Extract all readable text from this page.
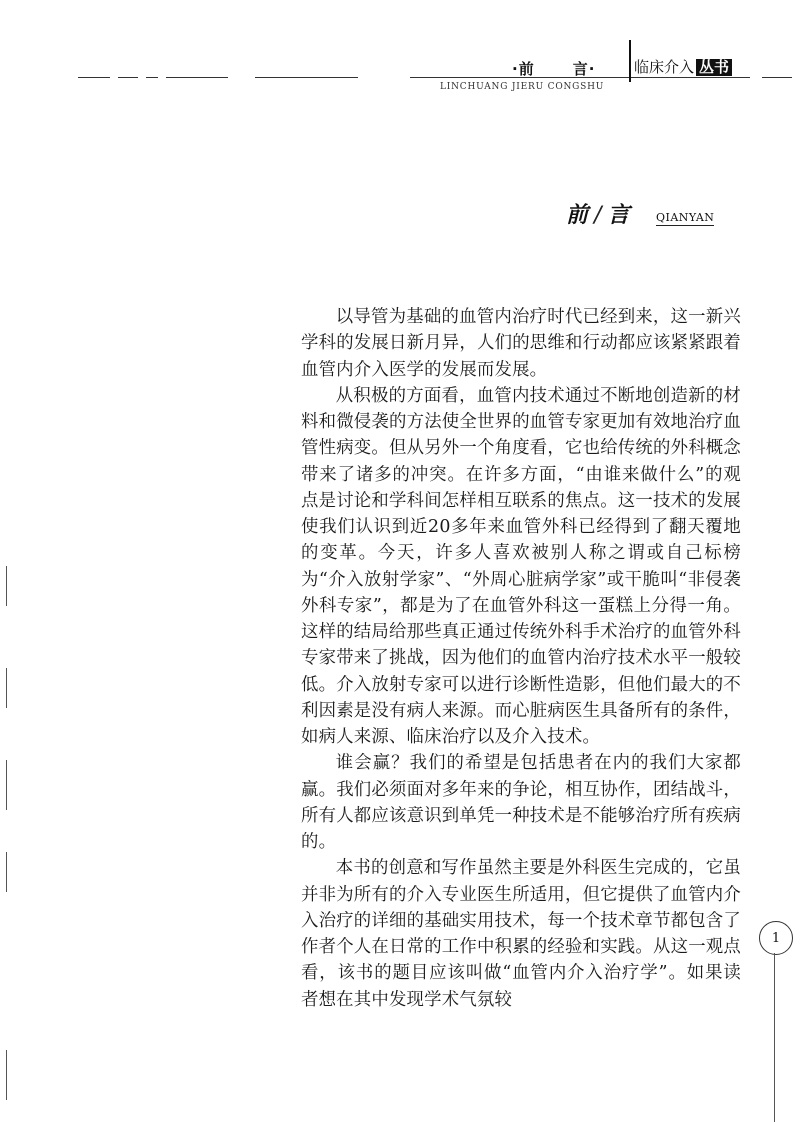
·前	言·	临床介入 丛书
LINCHUANG JIERU CONGSHU
前 / 言 QIANYAN

以导管为基础的血管内治疗时代已经到来，这一新兴学科的发展日新月异，人们的思维和行动都应该紧紧跟着血管内介入医学的发展而发展。

从积极的方面看，血管内技术通过不断地创造新的材料和微侵袭的方法使全世界的血管专家更加有效地治疗血管性病变。但从另外一个角度看，它也给传统的外科概念带来了诸多的冲突。在许多方面，“由谁来做什么”的观点是讨论和学科间怎样相互联系的焦点。这一技术的发展使我们认识到近20多年来血管外科已经得到了翻天覆地的变革。今天，许多人喜欢被别人称之谓或自己标榜为“介入放射学家”、“外周心脏病学家”或干脆叫“非侵袭外科专家”，都是为了在血管外科这一蛋糕上分得一角。这样的结局给那些真正通过传统外科手术治疗的血管外科专家带来了挑战，因为他们的血管内治疗技术水平一般较低。介入放射专家可以进行诊断性造影，但他们最大的不利因素是没有病人来源。而心脏病医生具备所有的条件，如病人来源、临床治疗以及介入技术。

谁会赢？我们的希望是包括患者在内的我们大家都赢。我们必须面对多年来的争论，相互协作，团结战斗，所有人都应该意识到单凭一种技术是不能够治疗所有疾病的。

本书的创意和写作虽然主要是外科医生完成的，它虽并非为所有的介入专业医生所适用，但它提供了血管内介入治疗的详细的基础实用技术，每一个技术章节都包含了作者个人在日常的工作中积累的经验和实践。从这一观点看，该书的题目应该叫做“血管内介入治疗学”。如果读者想在其中发现学术气氛较

1
